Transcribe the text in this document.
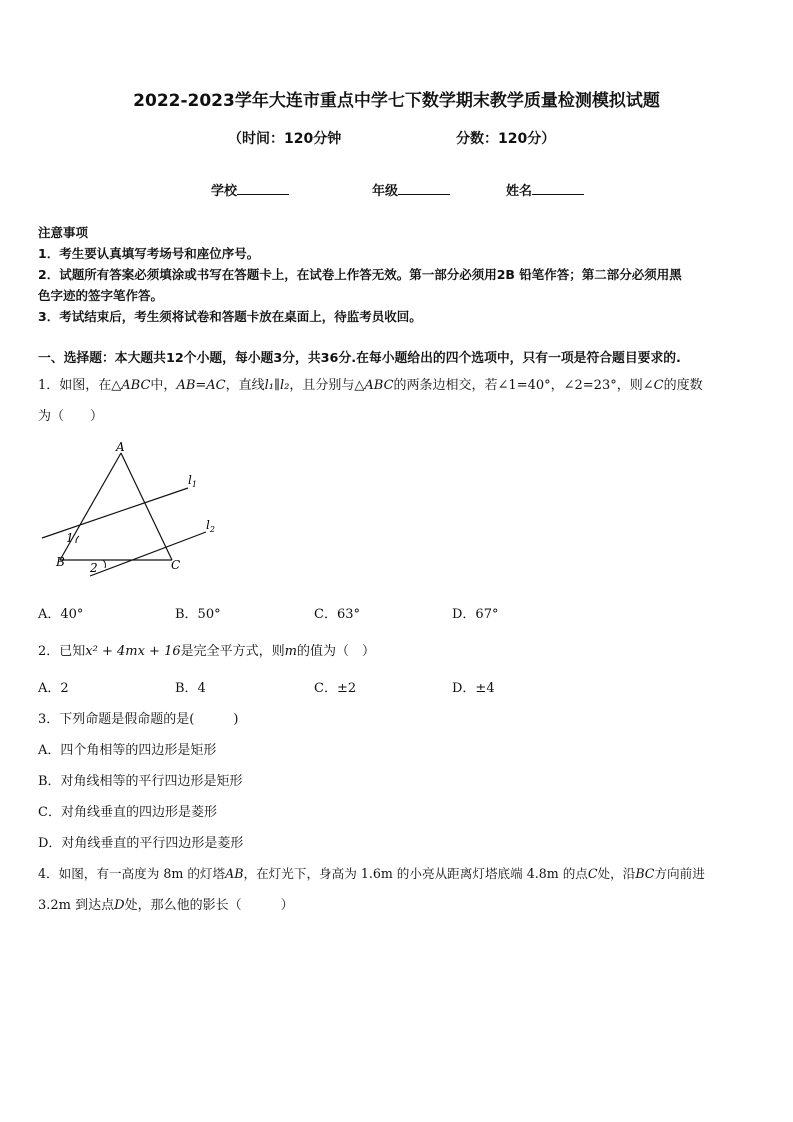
2022-2023学年大连市重点中学七下数学期末教学质量检测模拟试题
（时间：120分钟	分数：120分）
学校	年级	姓名
注意事项
1．考生要认真填写考场号和座位序号。
2．试题所有答案必须填涂或书写在答题卡上，在试卷上作答无效。第一部分必须用2B 铅笔作答；第二部分必须用黑
色字迹的签字笔作答。
3．考试结束后，考生须将试卷和答题卡放在桌面上，待监考员收回。
一、选择题：本大题共12个小题，每小题3分，共36分.在每小题给出的四个选项中，只有一项是符合题目要求的.
1．如图，在△ABC中，AB=AC，直线l₁∥l₂，且分别与△ABC的两条边相交，若∠1=40°，∠2=23°，则∠C的度数
为（　　）
A
B	C
$l_1$
$l_2$
1
2
A．40°	B．50°	C．63°	D．67°
2．已知x² + 4mx + 16是完全平方式，则m的值为（　）
A．2	B．4	C．±2	D．±4
3．下列命题是假命题的是(　　　)
A．四个角相等的四边形是矩形
B．对角线相等的平行四边形是矩形
C．对角线垂直的四边形是菱形
D．对角线垂直的平行四边形是菱形
4．如图，有一高度为 8m 的灯塔AB，在灯光下，身高为 1.6m 的小亮从距离灯塔底端 4.8m 的点C处，沿BC方向前进
3.2m 到达点D处，那么他的影长（　　　）
